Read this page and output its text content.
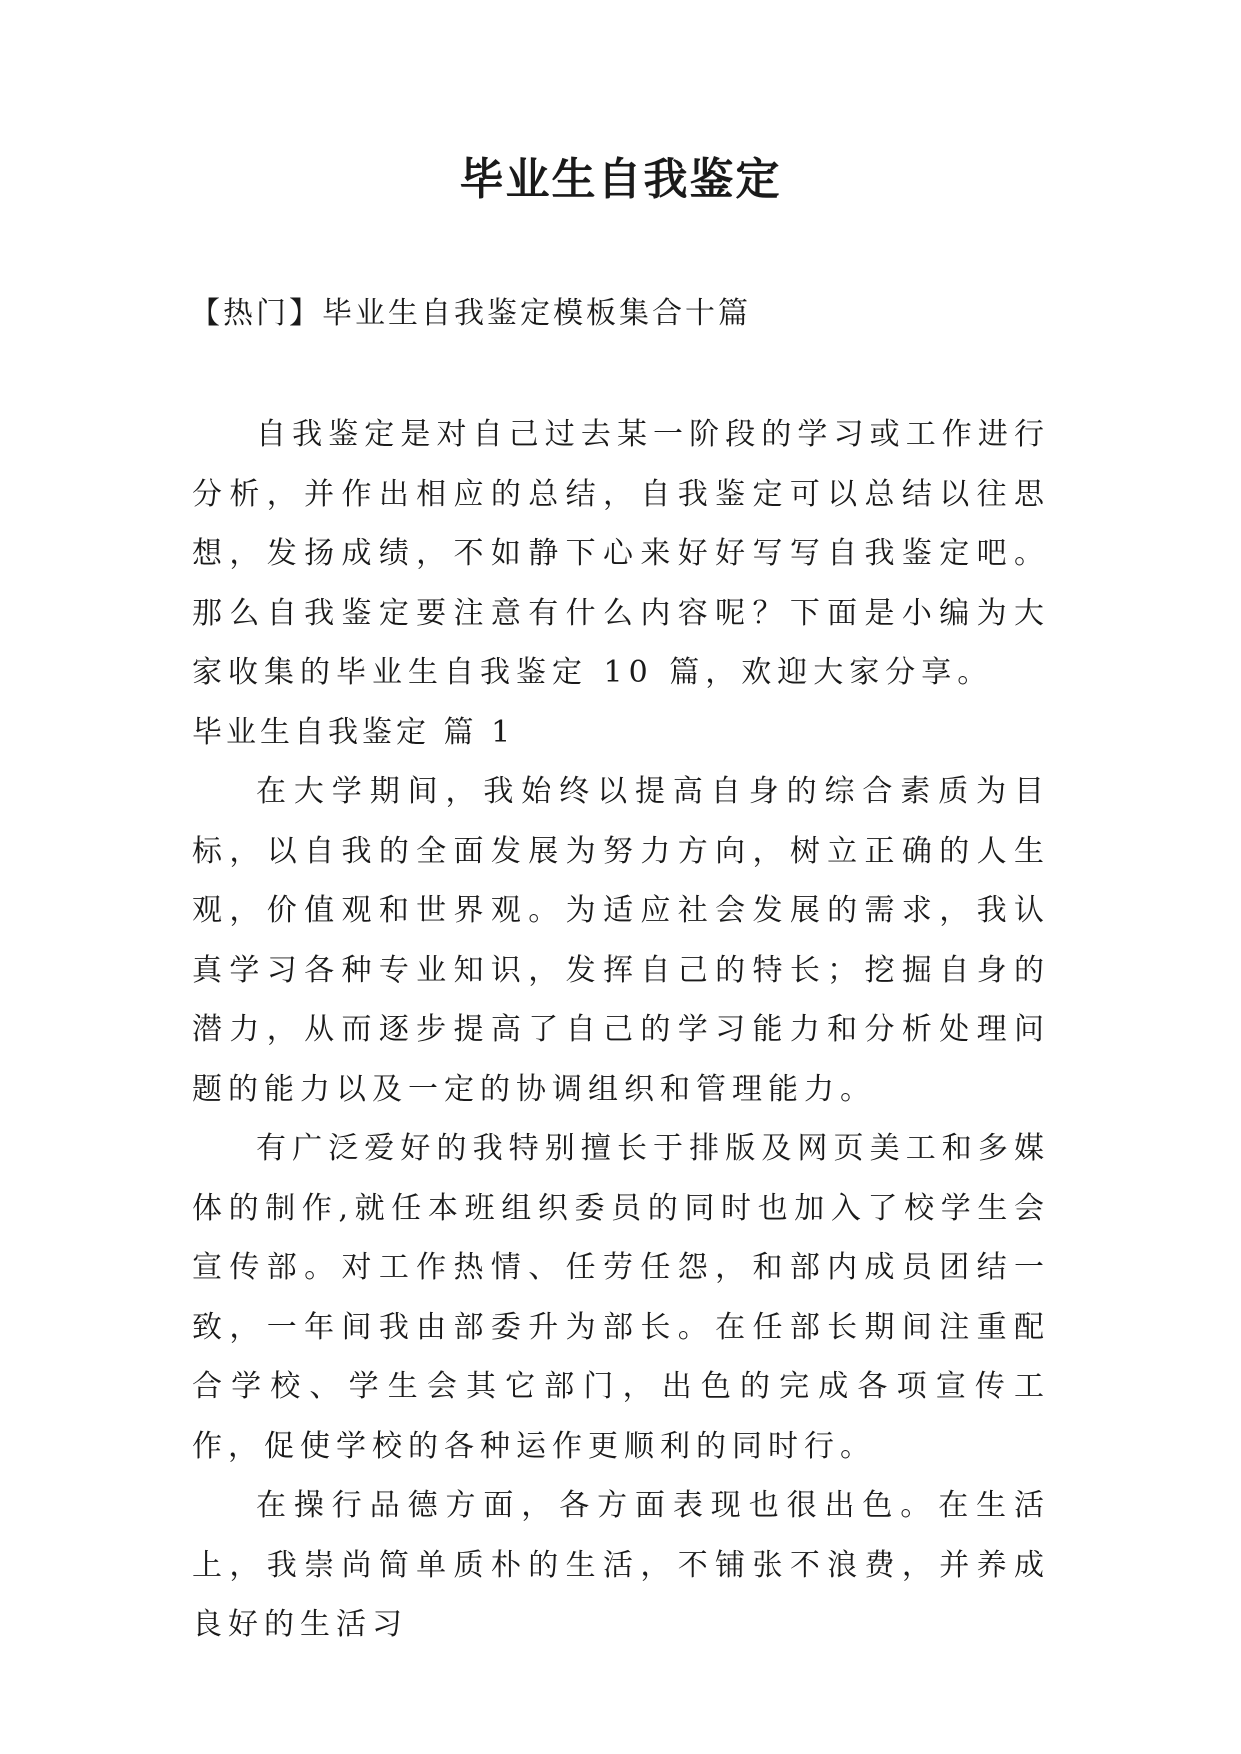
毕业生自我鉴定

【热门】毕业生自我鉴定模板集合十篇

自我鉴定是对自己过去某一阶段的学习或工作进行分析，并作出相应的总结，自我鉴定可以总结以往思想，发扬成绩，不如静下心来好好写写自我鉴定吧。那么自我鉴定要注意有什么内容呢？下面是小编为大家收集的毕业生自我鉴定 10 篇，欢迎大家分享。

毕业生自我鉴定 篇 1

在大学期间，我始终以提高自身的综合素质为目标，以自我的全面发展为努力方向，树立正确的人生观，价值观和世界观。为适应社会发展的需求，我认真学习各种专业知识，发挥自己的特长；挖掘自身的潜力，从而逐步提高了自己的学习能力和分析处理问题的能力以及一定的协调组织和管理能力。

有广泛爱好的我特别擅长于排版及网页美工和多媒体的制作,就任本班组织委员的同时也加入了校学生会宣传部。对工作热情、任劳任怨，和部内成员团结一致，一年间我由部委升为部长。在任部长期间注重配合学校、学生会其它部门，出色的完成各项宣传工作，促使学校的各种运作更顺利的同时行。

在操行品德方面，各方面表现也很出色。在生活上，我崇尚简单质朴的生活，不铺张不浪费，并养成良好的生活习
